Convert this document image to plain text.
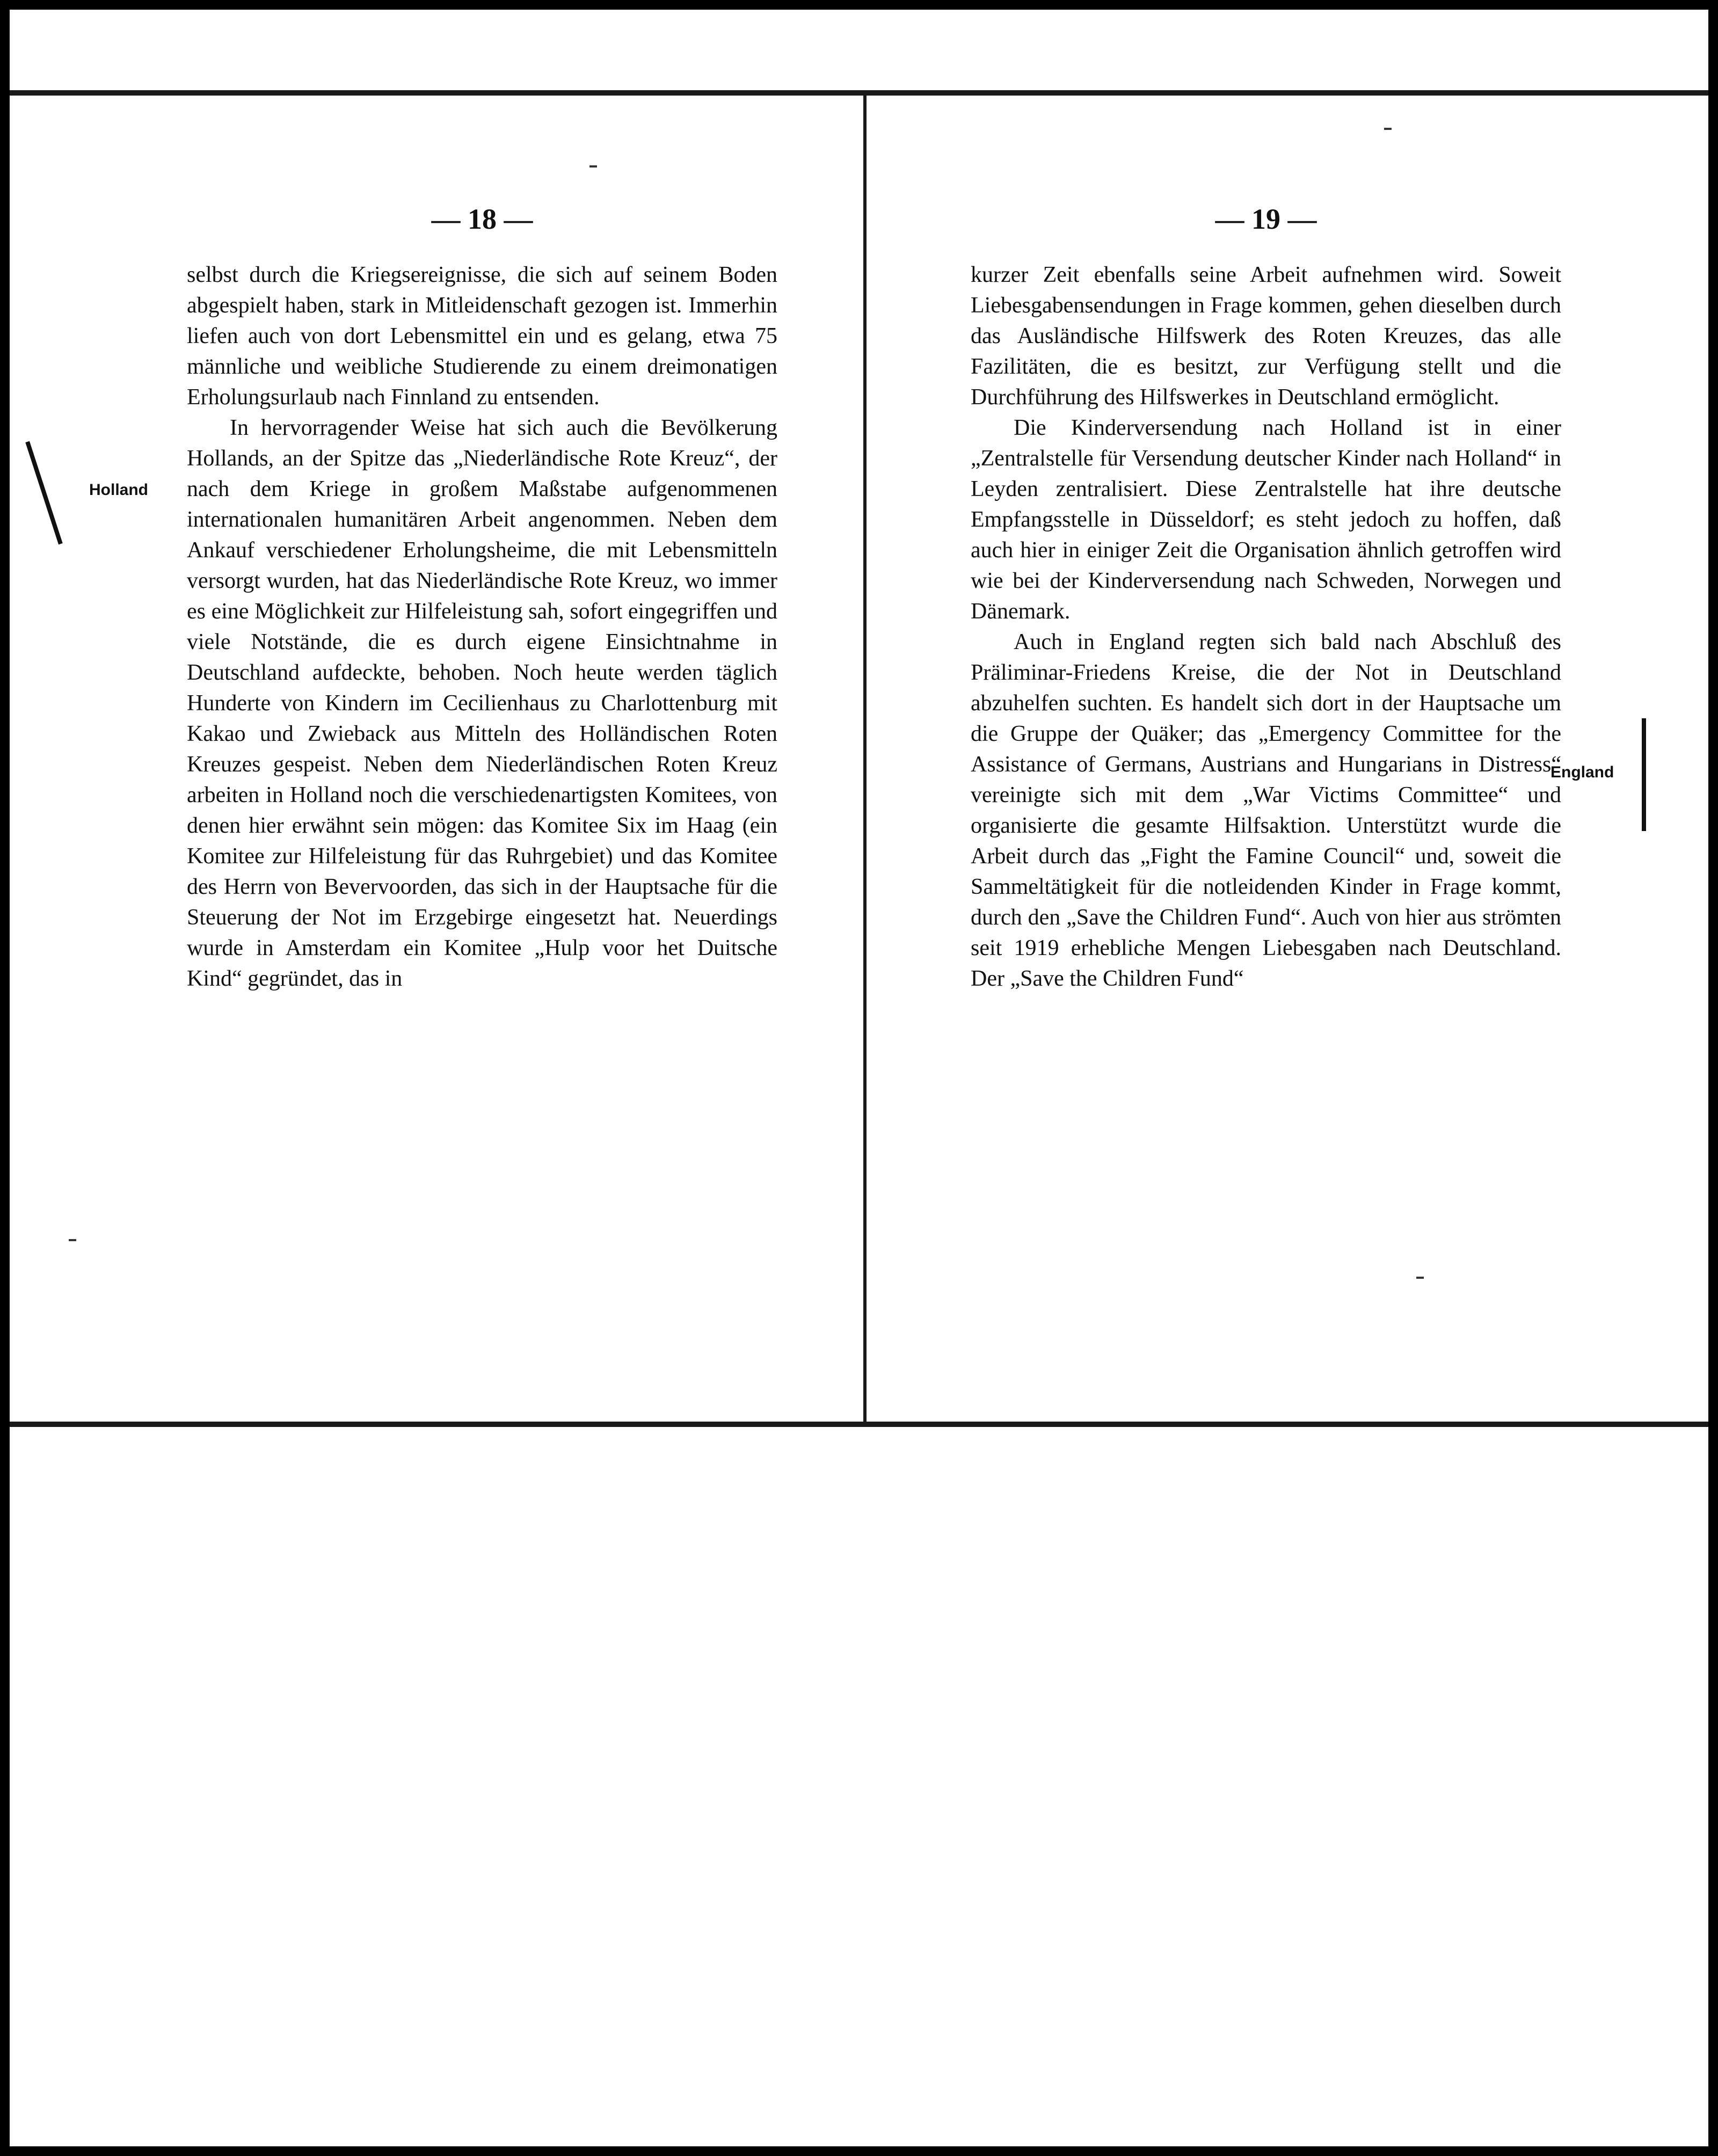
— 18 —

selbst durch die Kriegsereignisse, die sich auf seinem Boden abgespielt haben, stark in Mitleidenschaft gezogen ist. Immerhin liefen auch von dort Lebensmittel ein und es gelang, etwa 75 männliche und weibliche Studierende zu einem dreimonatigen Erholungsurlaub nach Finnland zu entsenden.

In hervorragender Weise hat sich auch die Bevölkerung Hollands, an der Spitze das „Niederländische Rote Kreuz“, der nach dem Kriege in großem Maßstabe aufgenommenen internationalen humanitären Arbeit angenommen. Neben dem Ankauf verschiedener Erholungsheime, die mit Lebensmitteln versorgt wurden, hat das Niederländische Rote Kreuz, wo immer es eine Möglichkeit zur Hilfeleistung sah, sofort eingegriffen und viele Notstände, die es durch eigene Einsichtnahme in Deutschland aufdeckte, behoben. Noch heute werden täglich Hunderte von Kindern im Cecilienhaus zu Charlottenburg mit Kakao und Zwieback aus Mitteln des Holländischen Roten Kreuzes gespeist. Neben dem Niederländischen Roten Kreuz arbeiten in Holland noch die verschiedenartigsten Komitees, von denen hier erwähnt sein mögen: das Komitee Six im Haag (ein Komitee zur Hilfeleistung für das Ruhrgebiet) und das Komitee des Herrn von Bevervoorden, das sich in der Hauptsache für die Steuerung der Not im Erzgebirge eingesetzt hat. Neuerdings wurde in Amsterdam ein Komitee „Hulp voor het Duitsche Kind“ gegründet, das in

— 19 —

kurzer Zeit ebenfalls seine Arbeit aufnehmen wird. Soweit Liebesgabensendungen in Frage kommen, gehen dieselben durch das Ausländische Hilfswerk des Roten Kreuzes, das alle Fazilitäten, die es besitzt, zur Verfügung stellt und die Durchführung des Hilfswerkes in Deutschland ermöglicht.

Die Kinderversendung nach Holland ist in einer „Zentralstelle für Versendung deutscher Kinder nach Holland“ in Leyden zentralisiert. Diese Zentralstelle hat ihre deutsche Empfangsstelle in Düsseldorf; es steht jedoch zu hoffen, daß auch hier in einiger Zeit die Organisation ähnlich getroffen wird wie bei der Kinderversendung nach Schweden, Norwegen und Dänemark.

Auch in England regten sich bald nach Abschluß des Präliminar-Friedens Kreise, die der Not in Deutschland abzuhelfen suchten. Es handelt sich dort in der Hauptsache um die Gruppe der Quäker; das „Emergency Committee for the Assistance of Germans, Austrians and Hungarians in Distress“ vereinigte sich mit dem „War Victims Committee“ und organisierte die gesamte Hilfsaktion. Unterstützt wurde die Arbeit durch das „Fight the Famine Council“ und, soweit die Sammeltätigkeit für die notleidenden Kinder in Frage kommt, durch den „Save the Children Fund“. Auch von hier aus strömten seit 1919 erhebliche Mengen Liebesgaben nach Deutschland. Der „Save the Children Fund“

Holland
England
